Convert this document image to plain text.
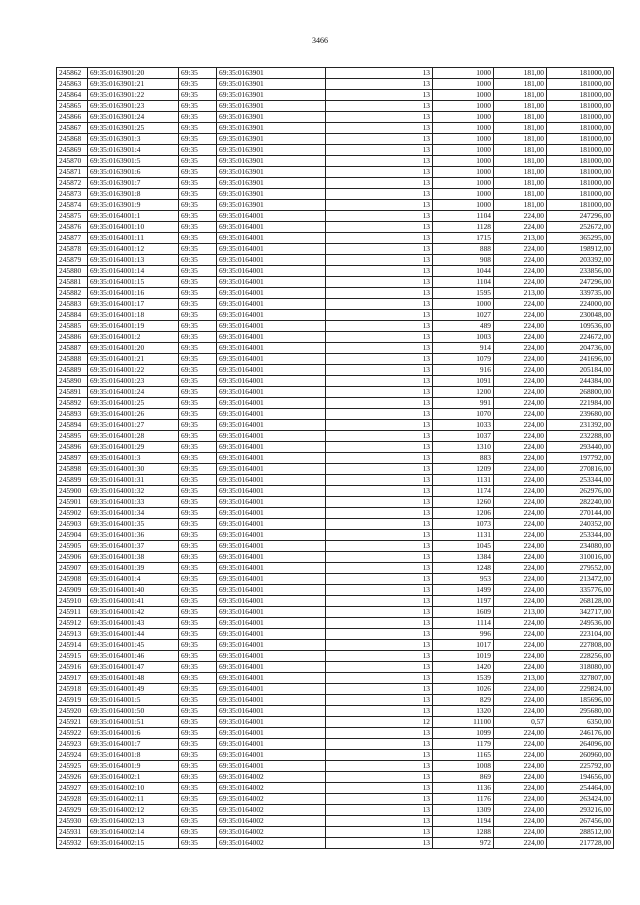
3466
245862	69:35:0163901:20	69:35	69:35:0163901	13	1000	181,00	181000,00
245863	69:35:0163901:21	69:35	69:35:0163901	13	1000	181,00	181000,00
245864	69:35:0163901:22	69:35	69:35:0163901	13	1000	181,00	181000,00
245865	69:35:0163901:23	69:35	69:35:0163901	13	1000	181,00	181000,00
245866	69:35:0163901:24	69:35	69:35:0163901	13	1000	181,00	181000,00
245867	69:35:0163901:25	69:35	69:35:0163901	13	1000	181,00	181000,00
245868	69:35:0163901:3	69:35	69:35:0163901	13	1000	181,00	181000,00
245869	69:35:0163901:4	69:35	69:35:0163901	13	1000	181,00	181000,00
245870	69:35:0163901:5	69:35	69:35:0163901	13	1000	181,00	181000,00
245871	69:35:0163901:6	69:35	69:35:0163901	13	1000	181,00	181000,00
245872	69:35:0163901:7	69:35	69:35:0163901	13	1000	181,00	181000,00
245873	69:35:0163901:8	69:35	69:35:0163901	13	1000	181,00	181000,00
245874	69:35:0163901:9	69:35	69:35:0163901	13	1000	181,00	181000,00
245875	69:35:0164001:1	69:35	69:35:0164001	13	1104	224,00	247296,00
245876	69:35:0164001:10	69:35	69:35:0164001	13	1128	224,00	252672,00
245877	69:35:0164001:11	69:35	69:35:0164001	13	1715	213,00	365295,00
245878	69:35:0164001:12	69:35	69:35:0164001	13	888	224,00	198912,00
245879	69:35:0164001:13	69:35	69:35:0164001	13	908	224,00	203392,00
245880	69:35:0164001:14	69:35	69:35:0164001	13	1044	224,00	233856,00
245881	69:35:0164001:15	69:35	69:35:0164001	13	1104	224,00	247296,00
245882	69:35:0164001:16	69:35	69:35:0164001	13	1595	213,00	339735,00
245883	69:35:0164001:17	69:35	69:35:0164001	13	1000	224,00	224000,00
245884	69:35:0164001:18	69:35	69:35:0164001	13	1027	224,00	230048,00
245885	69:35:0164001:19	69:35	69:35:0164001	13	489	224,00	109536,00
245886	69:35:0164001:2	69:35	69:35:0164001	13	1003	224,00	224672,00
245887	69:35:0164001:20	69:35	69:35:0164001	13	914	224,00	204736,00
245888	69:35:0164001:21	69:35	69:35:0164001	13	1079	224,00	241696,00
245889	69:35:0164001:22	69:35	69:35:0164001	13	916	224,00	205184,00
245890	69:35:0164001:23	69:35	69:35:0164001	13	1091	224,00	244384,00
245891	69:35:0164001:24	69:35	69:35:0164001	13	1200	224,00	268800,00
245892	69:35:0164001:25	69:35	69:35:0164001	13	991	224,00	221984,00
245893	69:35:0164001:26	69:35	69:35:0164001	13	1070	224,00	239680,00
245894	69:35:0164001:27	69:35	69:35:0164001	13	1033	224,00	231392,00
245895	69:35:0164001:28	69:35	69:35:0164001	13	1037	224,00	232288,00
245896	69:35:0164001:29	69:35	69:35:0164001	13	1310	224,00	293440,00
245897	69:35:0164001:3	69:35	69:35:0164001	13	883	224,00	197792,00
245898	69:35:0164001:30	69:35	69:35:0164001	13	1209	224,00	270816,00
245899	69:35:0164001:31	69:35	69:35:0164001	13	1131	224,00	253344,00
245900	69:35:0164001:32	69:35	69:35:0164001	13	1174	224,00	262976,00
245901	69:35:0164001:33	69:35	69:35:0164001	13	1260	224,00	282240,00
245902	69:35:0164001:34	69:35	69:35:0164001	13	1206	224,00	270144,00
245903	69:35:0164001:35	69:35	69:35:0164001	13	1073	224,00	240352,00
245904	69:35:0164001:36	69:35	69:35:0164001	13	1131	224,00	253344,00
245905	69:35:0164001:37	69:35	69:35:0164001	13	1045	224,00	234080,00
245906	69:35:0164001:38	69:35	69:35:0164001	13	1384	224,00	310016,00
245907	69:35:0164001:39	69:35	69:35:0164001	13	1248	224,00	279552,00
245908	69:35:0164001:4	69:35	69:35:0164001	13	953	224,00	213472,00
245909	69:35:0164001:40	69:35	69:35:0164001	13	1499	224,00	335776,00
245910	69:35:0164001:41	69:35	69:35:0164001	13	1197	224,00	268128,00
245911	69:35:0164001:42	69:35	69:35:0164001	13	1609	213,00	342717,00
245912	69:35:0164001:43	69:35	69:35:0164001	13	1114	224,00	249536,00
245913	69:35:0164001:44	69:35	69:35:0164001	13	996	224,00	223104,00
245914	69:35:0164001:45	69:35	69:35:0164001	13	1017	224,00	227808,00
245915	69:35:0164001:46	69:35	69:35:0164001	13	1019	224,00	228256,00
245916	69:35:0164001:47	69:35	69:35:0164001	13	1420	224,00	318080,00
245917	69:35:0164001:48	69:35	69:35:0164001	13	1539	213,00	327807,00
245918	69:35:0164001:49	69:35	69:35:0164001	13	1026	224,00	229824,00
245919	69:35:0164001:5	69:35	69:35:0164001	13	829	224,00	185696,00
245920	69:35:0164001:50	69:35	69:35:0164001	13	1320	224,00	295680,00
245921	69:35:0164001:51	69:35	69:35:0164001	12	11100	0,57	6350,00
245922	69:35:0164001:6	69:35	69:35:0164001	13	1099	224,00	246176,00
245923	69:35:0164001:7	69:35	69:35:0164001	13	1179	224,00	264096,00
245924	69:35:0164001:8	69:35	69:35:0164001	13	1165	224,00	260960,00
245925	69:35:0164001:9	69:35	69:35:0164001	13	1008	224,00	225792,00
245926	69:35:0164002:1	69:35	69:35:0164002	13	869	224,00	194656,00
245927	69:35:0164002:10	69:35	69:35:0164002	13	1136	224,00	254464,00
245928	69:35:0164002:11	69:35	69:35:0164002	13	1176	224,00	263424,00
245929	69:35:0164002:12	69:35	69:35:0164002	13	1309	224,00	293216,00
245930	69:35:0164002:13	69:35	69:35:0164002	13	1194	224,00	267456,00
245931	69:35:0164002:14	69:35	69:35:0164002	13	1288	224,00	288512,00
245932	69:35:0164002:15	69:35	69:35:0164002	13	972	224,00	217728,00
